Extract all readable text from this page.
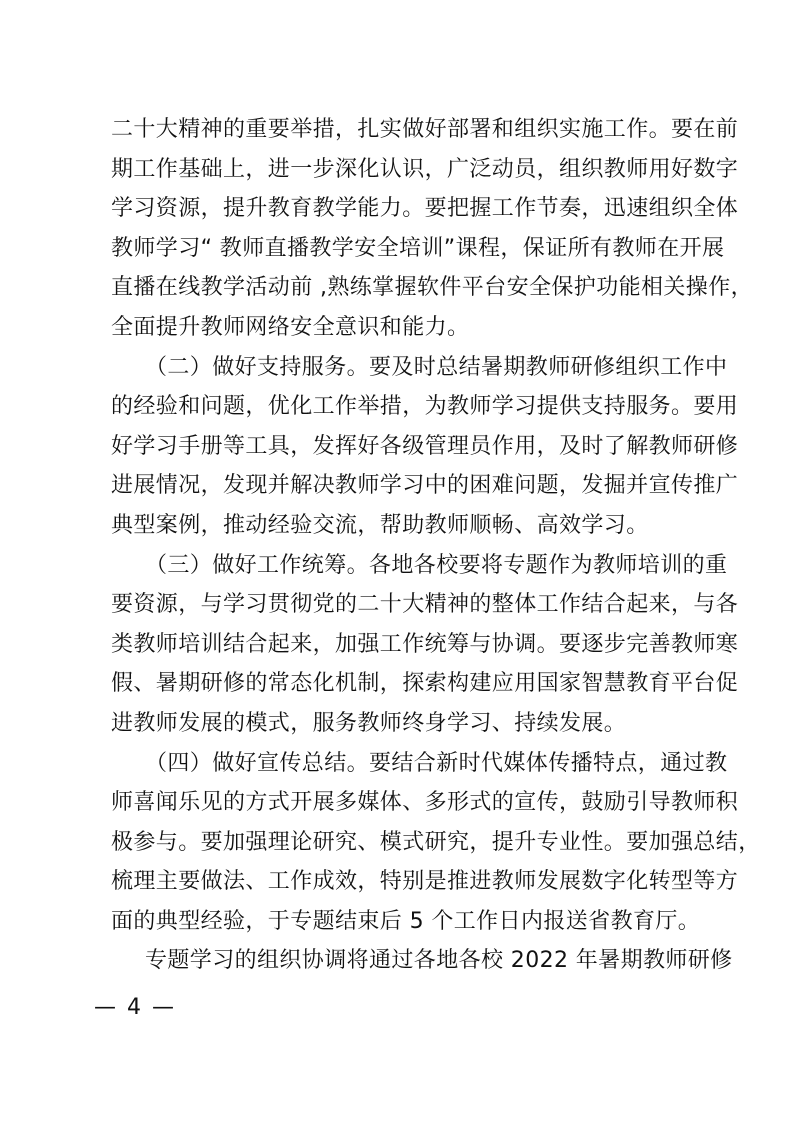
二十大精神的重要举措，扎实做好部署和组织实施工作。要在前
期工作基础上，进一步深化认识，广泛动员，组织教师用好数字
学习资源，提升教育教学能力。要把握工作节奏，迅速组织全体
教师学习“ 教师直播教学安全培训”课程，保证所有教师在开展
直播在线教学活动前 ,熟练掌握软件平台安全保护功能相关操作，
全面提升教师网络安全意识和能力。
（二）做好支持服务。要及时总结暑期教师研修组织工作中
的经验和问题，优化工作举措，为教师学习提供支持服务。要用
好学习手册等工具，发挥好各级管理员作用，及时了解教师研修
进展情况，发现并解决教师学习中的困难问题，发掘并宣传推广
典型案例，推动经验交流，帮助教师顺畅、高效学习。
（三）做好工作统筹。各地各校要将专题作为教师培训的重
要资源，与学习贯彻党的二十大精神的整体工作结合起来，与各
类教师培训结合起来，加强工作统筹与协调。要逐步完善教师寒
假、暑期研修的常态化机制，探索构建应用国家智慧教育平台促
进教师发展的模式，服务教师终身学习、持续发展。
（四）做好宣传总结。要结合新时代媒体传播特点，通过教
师喜闻乐见的方式开展多媒体、多形式的宣传，鼓励引导教师积
极参与。要加强理论研究、模式研究，提升专业性。要加强总结，
梳理主要做法、工作成效，特别是推进教师发展数字化转型等方
面的典型经验，于专题结束后 5 个工作日内报送省教育厅。
专题学习的组织协调将通过各地各校 2022 年暑期教师研修
— 4 —
